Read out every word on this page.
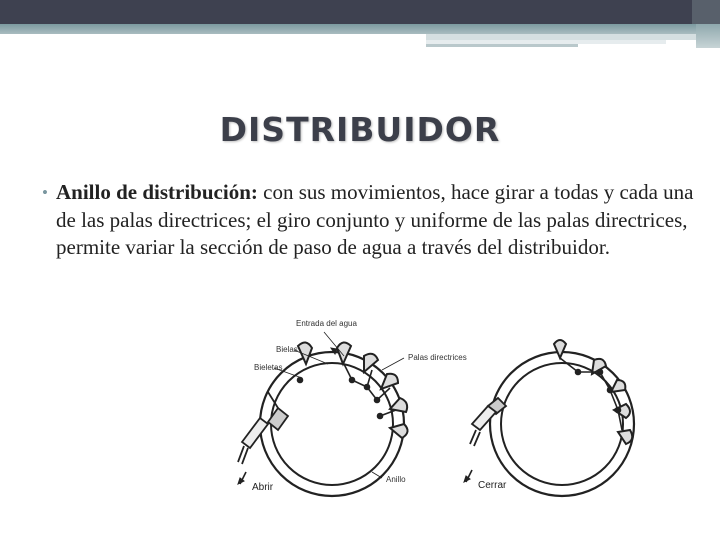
DISTRIBUIDOR
• Anillo de distribución: con sus movimientos, hace girar a todas y cada una de las palas directrices; el giro conjunto y uniforme de las palas directrices, permite variar la sección de paso de agua a través del distribuidor.
Entrada del agua
Bielas
Bieletas
Palas directrices
Anillo
Abrir	Cerrar
